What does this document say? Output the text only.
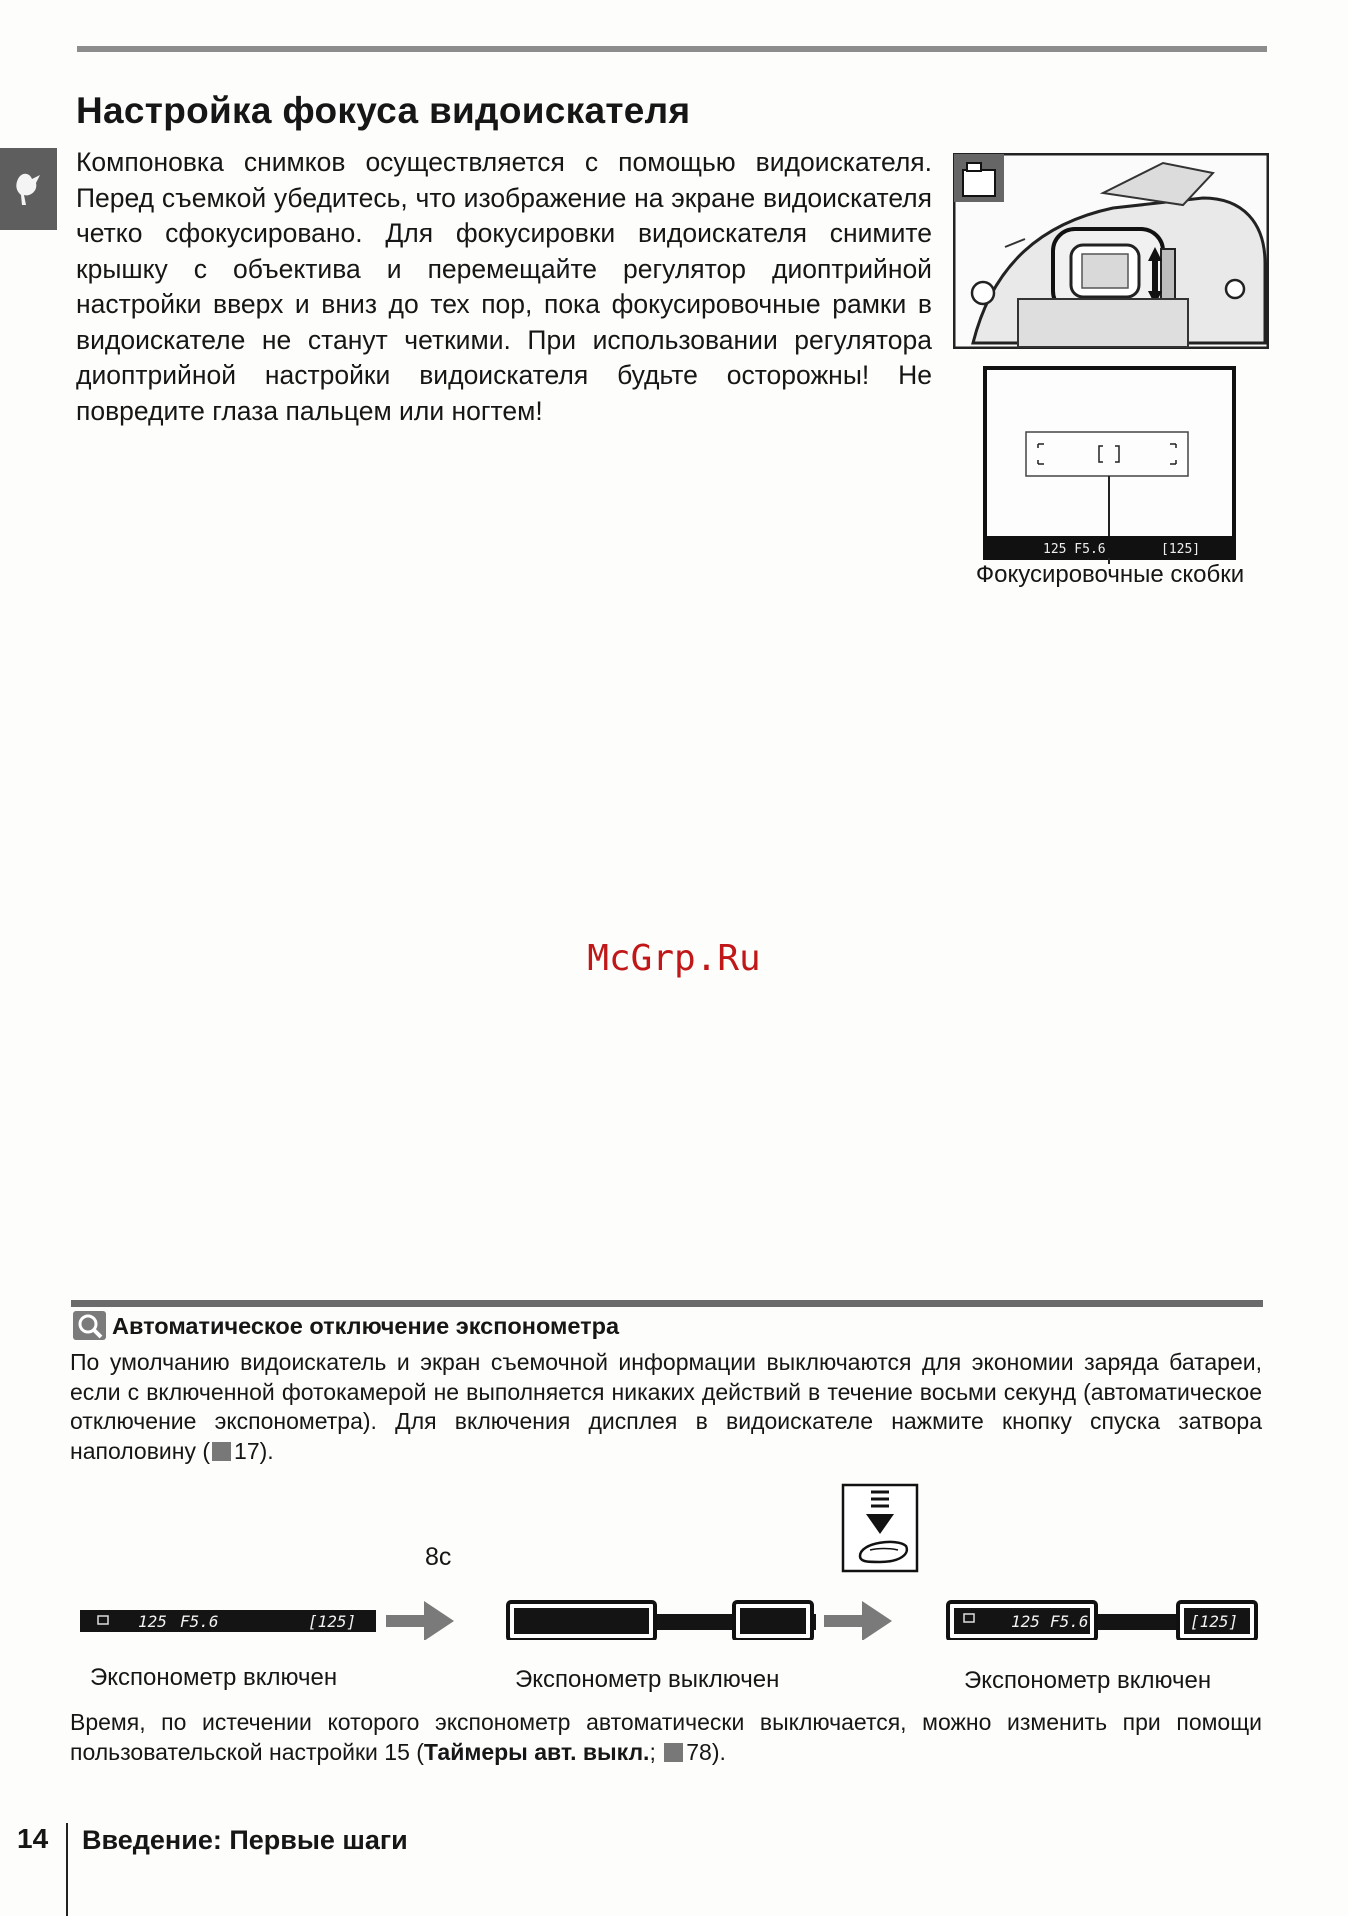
Настройка фокуса видоискателя

Компоновка снимков осуществляется с помощью видоискателя. Перед съемкой убедитесь, что изображение на экране видоискателя четко сфокусировано. Для фокусировки видоискателя снимите крышку с объектива и перемещайте регулятор диоптрийной настройки вверх и вниз до тех пор, пока фокусировочные рамки в видоискателе не станут четкими. При использовании регулятора диоптрийной настройки видоискателя будьте осторожны! Не повредите глаза пальцем или ногтем!

125 F5.6	[125]
Фокусировочные скобки
McGrp.Ru
Автоматическое отключение экспонометра

По умолчанию видоискатель и экран съемочной информации выключаются для экономии заряда батареи, если с включенной фотокамерой не выполняется никаких действий в течение восьми секунд (автоматическое отключение экспонометра). Для включения дисплея в видоискателе нажмите кнопку спуска затвора наполовину ( 17).

8с
125 F5.6	[125]	125 F5.6	[125]
Экспонометр включен	Экспонометр выключен	Экспонометр включен

Время, по истечении которого экспонометр автоматически выключается, можно изменить при помощи пользовательской настройки 15 (Таймеры авт. выкл.; 78).

14 Введение: Первые шаги
